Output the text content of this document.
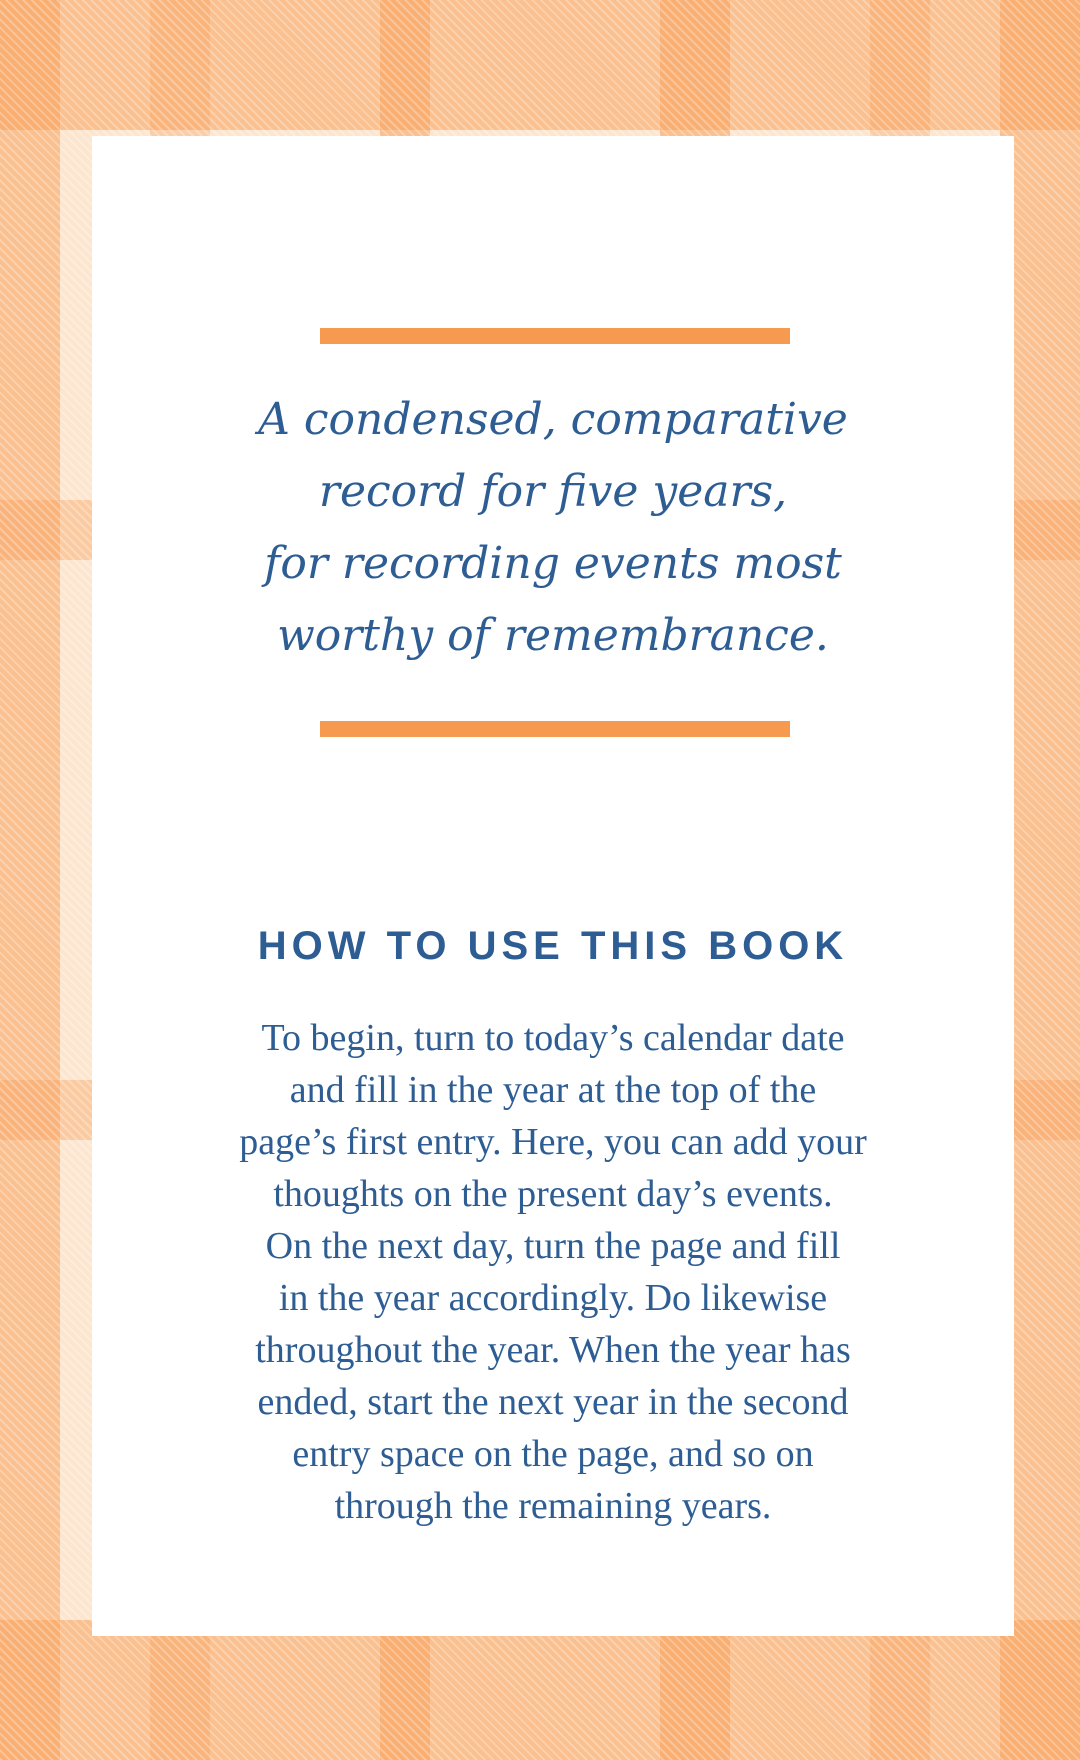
A condensed, comparative
record for five years,
for recording events most
worthy of remembrance.
HOW TO USE THIS BOOK
To begin, turn to today’s calendar date
and fill in the year at the top of the
page’s first entry. Here, you can add your
thoughts on the present day’s events.
On the next day, turn the page and fill
in the year accordingly. Do likewise
throughout the year. When the year has
ended, start the next year in the second
entry space on the page, and so on
through the remaining years.
